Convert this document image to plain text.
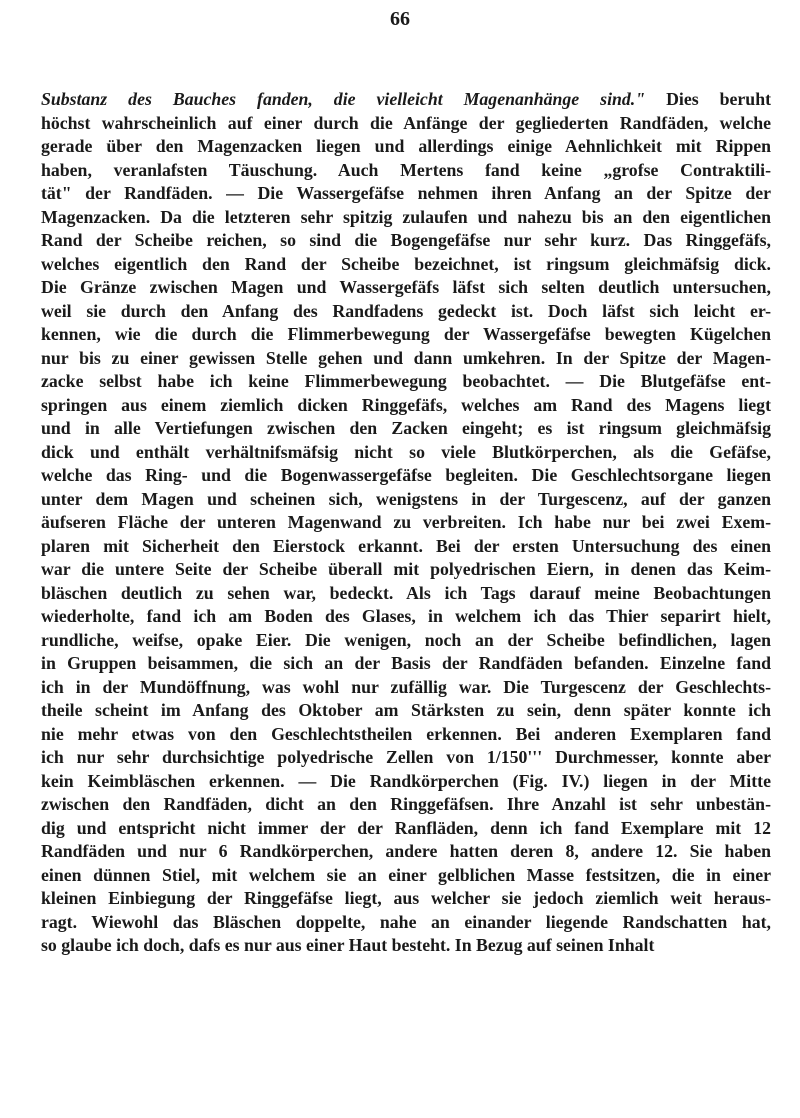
66
Substanz des Bauches fanden, die vielleicht Magenanhänge sind." Dies beruht
höchst wahrscheinlich auf einer durch die Anfänge der gegliederten Randfäden, welche
gerade über den Magenzacken liegen und allerdings einige Aehnlichkeit mit Rippen
haben, veranlafsten Täuschung. Auch Mertens fand keine „grofse Contraktili-
tät" der Randfäden. — Die Wassergefäfse nehmen ihren Anfang an der Spitze der
Magenzacken. Da die letzteren sehr spitzig zulaufen und nahezu bis an den eigentlichen
Rand der Scheibe reichen, so sind die Bogengefäfse nur sehr kurz. Das Ringgefäfs,
welches eigentlich den Rand der Scheibe bezeichnet, ist ringsum gleichmäfsig dick.
Die Gränze zwischen Magen und Wassergefäfs läfst sich selten deutlich untersuchen,
weil sie durch den Anfang des Randfadens gedeckt ist. Doch läfst sich leicht er-
kennen, wie die durch die Flimmerbewegung der Wassergefäfse bewegten Kügelchen
nur bis zu einer gewissen Stelle gehen und dann umkehren. In der Spitze der Magen-
zacke selbst habe ich keine Flimmerbewegung beobachtet. — Die Blutgefäfse ent-
springen aus einem ziemlich dicken Ringgefäfs, welches am Rand des Magens liegt
und in alle Vertiefungen zwischen den Zacken eingeht; es ist ringsum gleichmäfsig
dick und enthält verhältnifsmäfsig nicht so viele Blutkörperchen, als die Gefäfse,
welche das Ring- und die Bogenwassergefäfse begleiten. Die Geschlechtsorgane liegen
unter dem Magen und scheinen sich, wenigstens in der Turgescenz, auf der ganzen
äufseren Fläche der unteren Magenwand zu verbreiten. Ich habe nur bei zwei Exem-
plaren mit Sicherheit den Eierstock erkannt. Bei der ersten Untersuchung des einen
war die untere Seite der Scheibe überall mit polyedrischen Eiern, in denen das Keim-
bläschen deutlich zu sehen war, bedeckt. Als ich Tags darauf meine Beobachtungen
wiederholte, fand ich am Boden des Glases, in welchem ich das Thier separirt hielt,
rundliche, weifse, opake Eier. Die wenigen, noch an der Scheibe befindlichen, lagen
in Gruppen beisammen, die sich an der Basis der Randfäden befanden. Einzelne fand
ich in der Mundöffnung, was wohl nur zufällig war. Die Turgescenz der Geschlechts-
theile scheint im Anfang des Oktober am Stärksten zu sein, denn später konnte ich
nie mehr etwas von den Geschlechtstheilen erkennen. Bei anderen Exemplaren fand
ich nur sehr durchsichtige polyedrische Zellen von 1/150''' Durchmesser, konnte aber
kein Keimbläschen erkennen. — Die Randkörperchen (Fig. IV.) liegen in der Mitte
zwischen den Randfäden, dicht an den Ringgefäfsen. Ihre Anzahl ist sehr unbestän-
dig und entspricht nicht immer der der Ranfläden, denn ich fand Exemplare mit 12
Randfäden und nur 6 Randkörperchen, andere hatten deren 8, andere 12. Sie haben
einen dünnen Stiel, mit welchem sie an einer gelblichen Masse festsitzen, die in einer
kleinen Einbiegung der Ringgefäfse liegt, aus welcher sie jedoch ziemlich weit heraus-
ragt. Wiewohl das Bläschen doppelte, nahe an einander liegende Randschatten hat,
so glaube ich doch, dafs es nur aus einer Haut besteht. In Bezug auf seinen Inhalt
